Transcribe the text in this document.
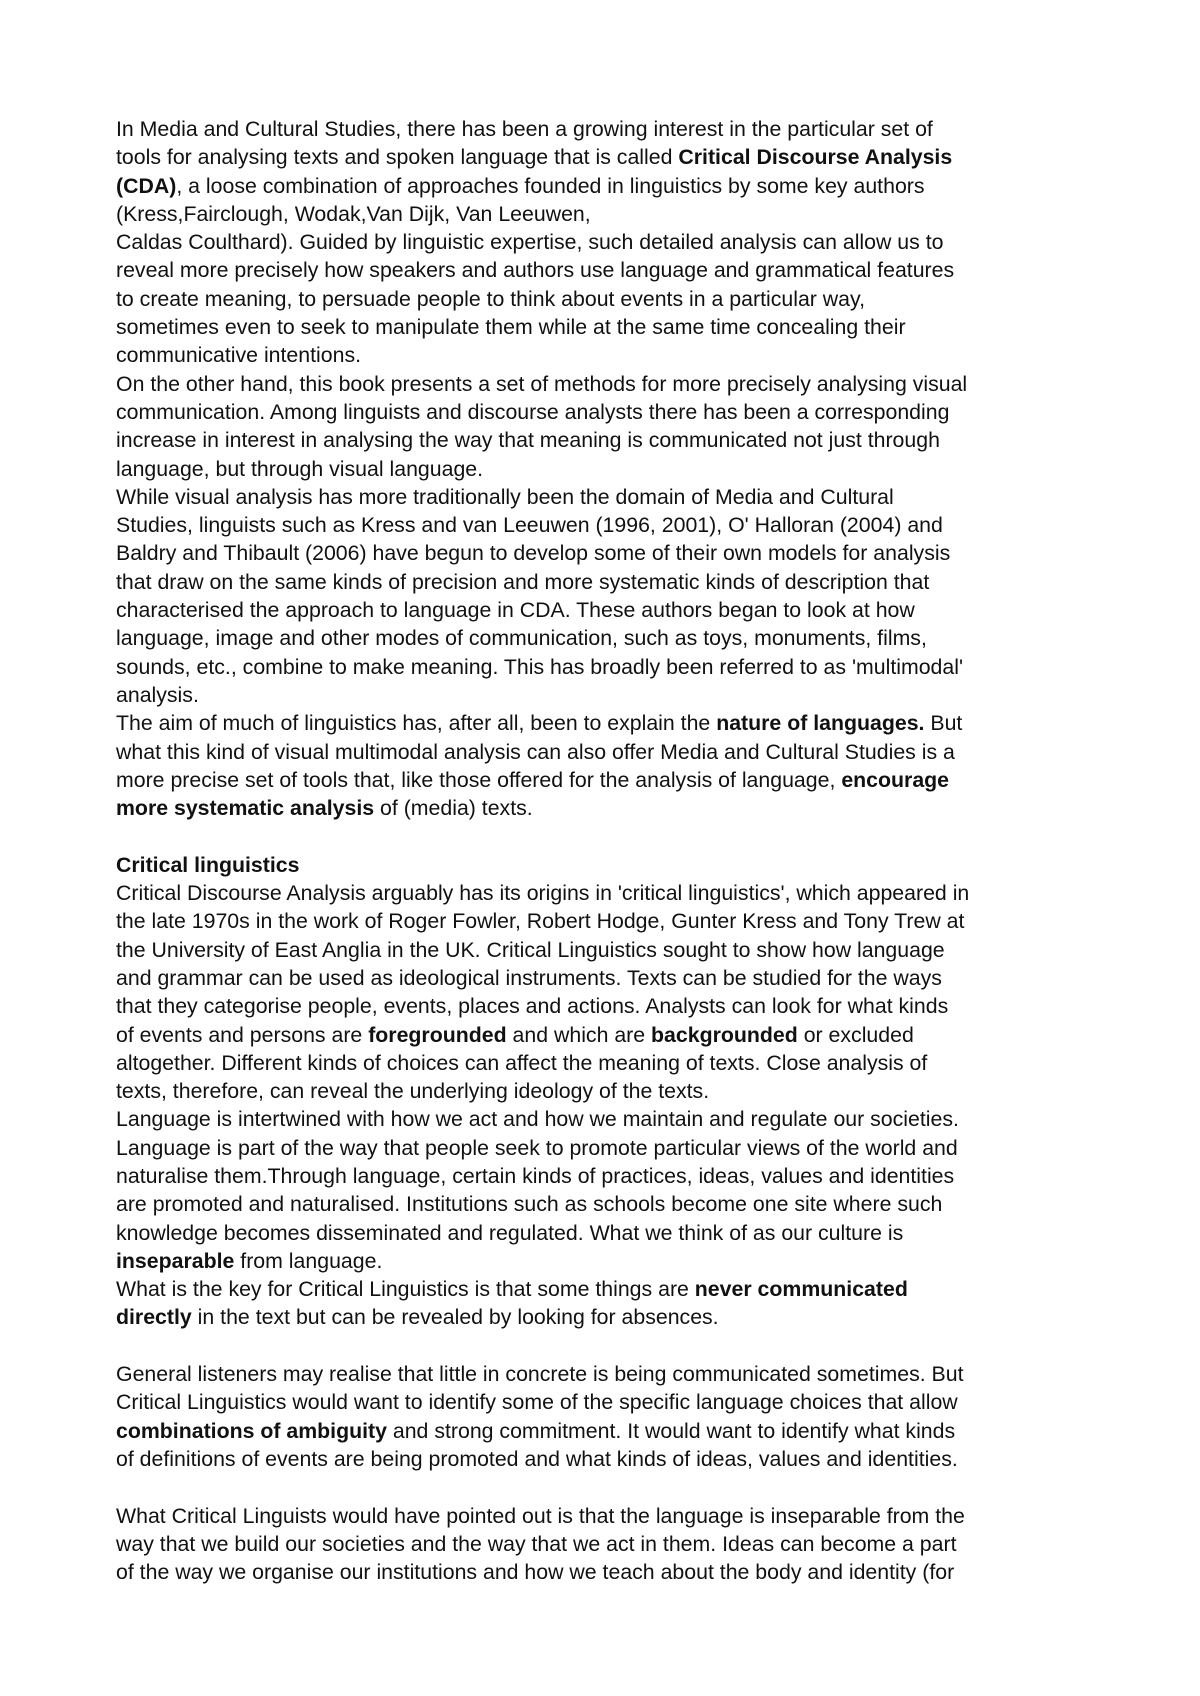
In Media and Cultural Studies, there has been a growing interest in the particular set of
tools for analysing texts and spoken language that is called Critical Discourse Analysis
(CDA), a loose combination of approaches founded in linguistics by some key authors
(Kress,Fairclough, Wodak,Van Dijk, Van Leeuwen,
Caldas Coulthard). Guided by linguistic expertise, such detailed analysis can allow us to
reveal more precisely how speakers and authors use language and grammatical features
to create meaning, to persuade people to think about events in a particular way,
sometimes even to seek to manipulate them while at the same time concealing their
communicative intentions.
On the other hand, this book presents a set of methods for more precisely analysing visual
communication. Among linguists and discourse analysts there has been a corresponding
increase in interest in analysing the way that meaning is communicated not just through
language, but through visual language.
While visual analysis has more traditionally been the domain of Media and Cultural
Studies, linguists such as Kress and van Leeuwen (1996, 2001), O' Halloran (2004) and
Baldry and Thibault (2006) have begun to develop some of their own models for analysis
that draw on the same kinds of precision and more systematic kinds of description that
characterised the approach to language in CDA. These authors began to look at how
language, image and other modes of communication, such as toys, monuments, films,
sounds, etc., combine to make meaning. This has broadly been referred to as 'multimodal'
analysis.
The aim of much of linguistics has, after all, been to explain the nature of languages. But
what this kind of visual multimodal analysis can also offer Media and Cultural Studies is a
more precise set of tools that, like those offered for the analysis of language, encourage
more systematic analysis of (media) texts.
Critical linguistics
Critical Discourse Analysis arguably has its origins in 'critical linguistics', which appeared in
the late 1970s in the work of Roger Fowler, Robert Hodge, Gunter Kress and Tony Trew at
the University of East Anglia in the UK. Critical Linguistics sought to show how language
and grammar can be used as ideological instruments. Texts can be studied for the ways
that they categorise people, events, places and actions. Analysts can look for what kinds
of events and persons are foregrounded and which are backgrounded or excluded
altogether. Different kinds of choices can affect the meaning of texts. Close analysis of
texts, therefore, can reveal the underlying ideology of the texts.
Language is intertwined with how we act and how we maintain and regulate our societies.
Language is part of the way that people seek to promote particular views of the world and
naturalise them.Through language, certain kinds of practices, ideas, values and identities
are promoted and naturalised. Institutions such as schools become one site where such
knowledge becomes disseminated and regulated. What we think of as our culture is
inseparable from language.
What is the key for Critical Linguistics is that some things are never communicated
directly in the text but can be revealed by looking for absences.
General listeners may realise that little in concrete is being communicated sometimes. But
Critical Linguistics would want to identify some of the specific language choices that allow
combinations of ambiguity and strong commitment. It would want to identify what kinds
of definitions of events are being promoted and what kinds of ideas, values and identities.
What Critical Linguists would have pointed out is that the language is inseparable from the
way that we build our societies and the way that we act in them. Ideas can become a part
of the way we organise our institutions and how we teach about the body and identity (for
